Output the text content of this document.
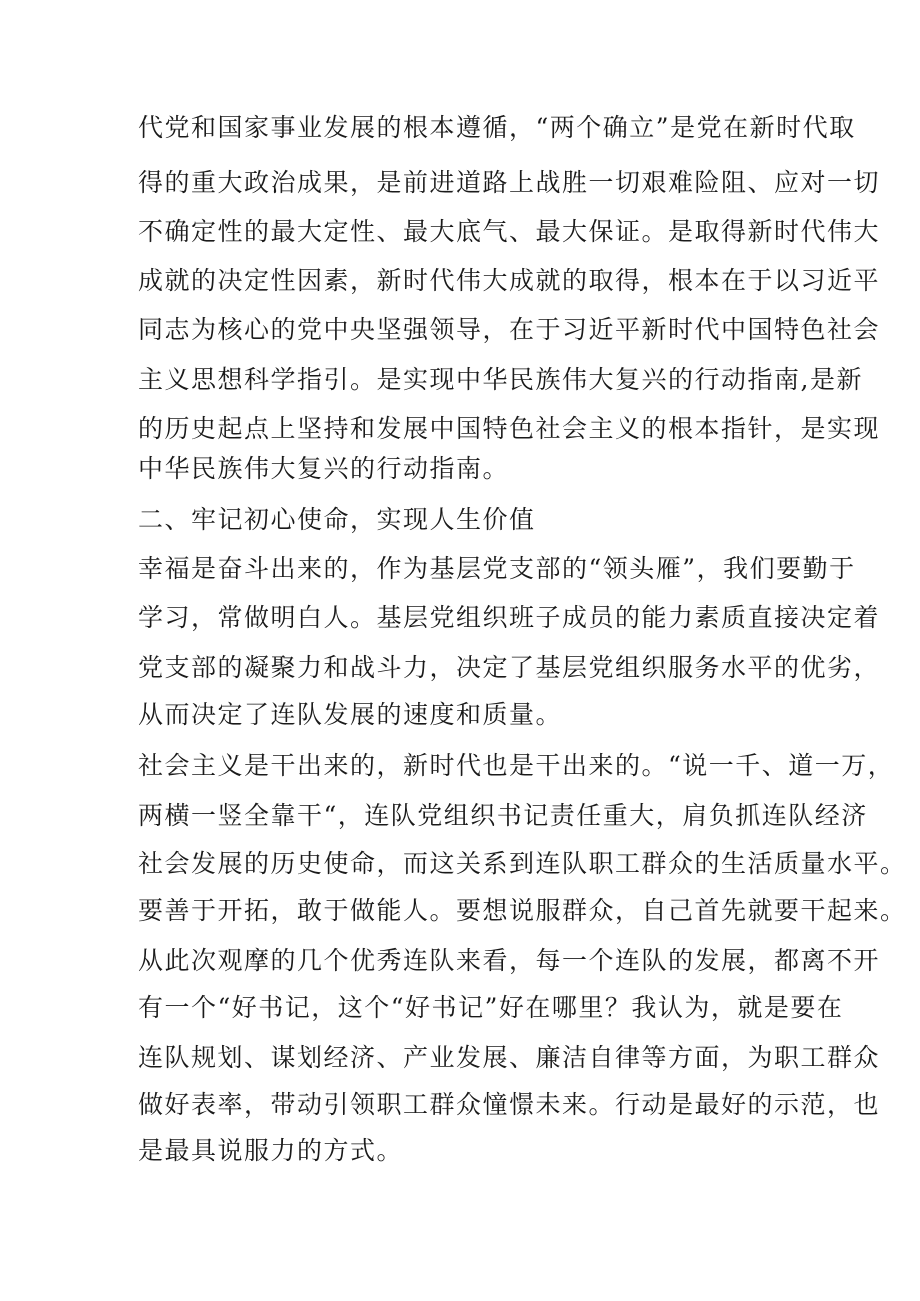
代党和国家事业发展的根本遵循，“两个确立”是党在新时代取
得的重大政治成果，是前进道路上战胜一切艰难险阻、应对一切
不确定性的最大定性、最大底气、最大保证。是取得新时代伟大
成就的决定性因素，新时代伟大成就的取得，根本在于以习近平
同志为核心的党中央坚强领导，在于习近平新时代中国特色社会
主义思想科学指引。是实现中华民族伟大复兴的行动指南,是新
的历史起点上坚持和发展中国特色社会主义的根本指针，是实现
中华民族伟大复兴的行动指南。
二、牢记初心使命，实现人生价值
幸福是奋斗出来的，作为基层党支部的“领头雁”，我们要勤于
学习，常做明白人。基层党组织班子成员的能力素质直接决定着
党支部的凝聚力和战斗力，决定了基层党组织服务水平的优劣，
从而决定了连队发展的速度和质量。
社会主义是干出来的，新时代也是干出来的。“说一千、道一万，
两横一竖全靠干“，连队党组织书记责任重大，肩负抓连队经济
社会发展的历史使命，而这关系到连队职工群众的生活质量水平。
要善于开拓，敢于做能人。要想说服群众，自己首先就要干起来。
从此次观摩的几个优秀连队来看，每一个连队的发展，都离不开
有一个“好书记，这个“好书记”好在哪里？我认为，就是要在
连队规划、谋划经济、产业发展、廉洁自律等方面，为职工群众
做好表率，带动引领职工群众憧憬未来。行动是最好的示范，也
是最具说服力的方式。
